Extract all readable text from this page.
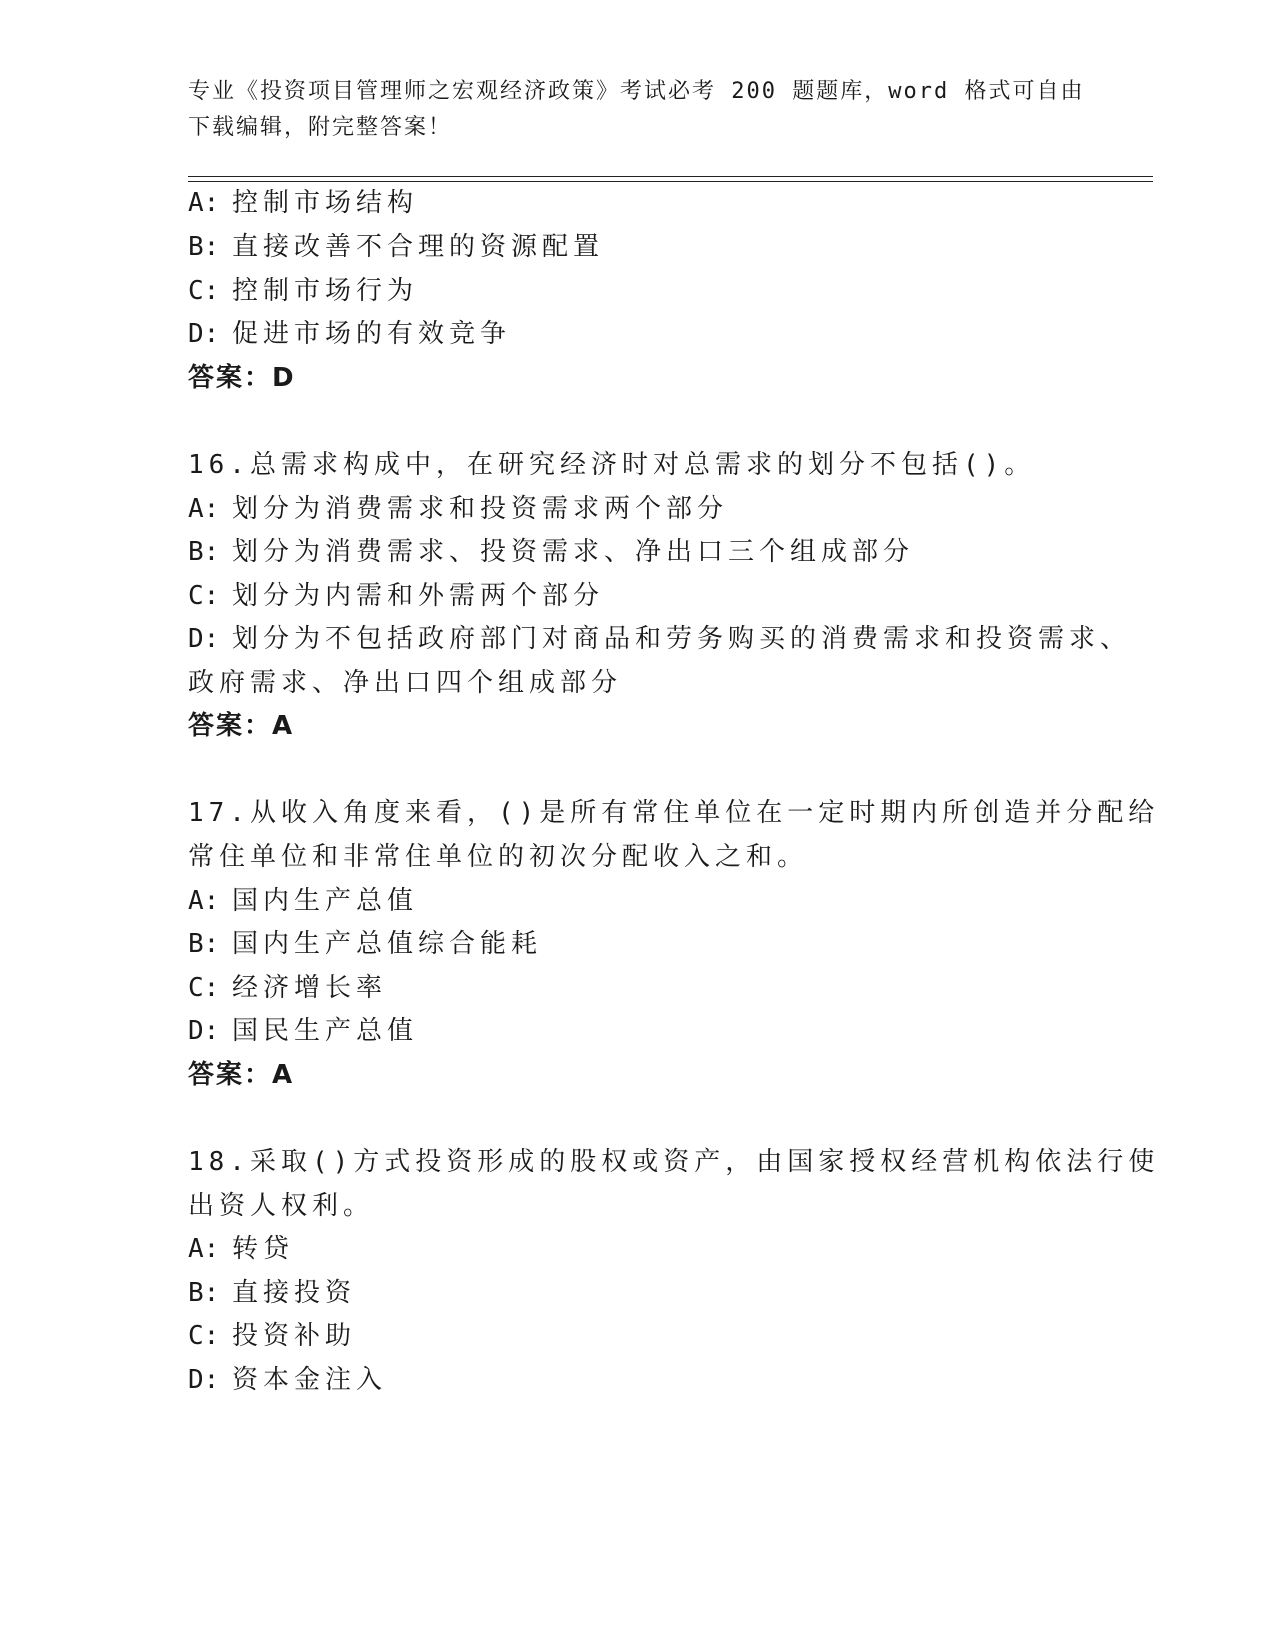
专业《投资项目管理师之宏观经济政策》考试必考 200 题题库，word 格式可自由
下载编辑，附完整答案！
A: 控制市场结构
B: 直接改善不合理的资源配置
C: 控制市场行为
D: 促进市场的有效竞争
答案：D
16.总需求构成中，在研究经济时对总需求的划分不包括()。
A: 划分为消费需求和投资需求两个部分
B: 划分为消费需求、投资需求、净出口三个组成部分
C: 划分为内需和外需两个部分
D: 划分为不包括政府部门对商品和劳务购买的消费需求和投资需求、
政府需求、净出口四个组成部分
答案：A
17.从收入角度来看，()是所有常住单位在一定时期内所创造并分配给
常住单位和非常住单位的初次分配收入之和。
A: 国内生产总值
B: 国内生产总值综合能耗
C: 经济增长率
D: 国民生产总值
答案：A
18.采取()方式投资形成的股权或资产，由国家授权经营机构依法行使
出资人权利。
A: 转贷
B: 直接投资
C: 投资补助
D: 资本金注入
